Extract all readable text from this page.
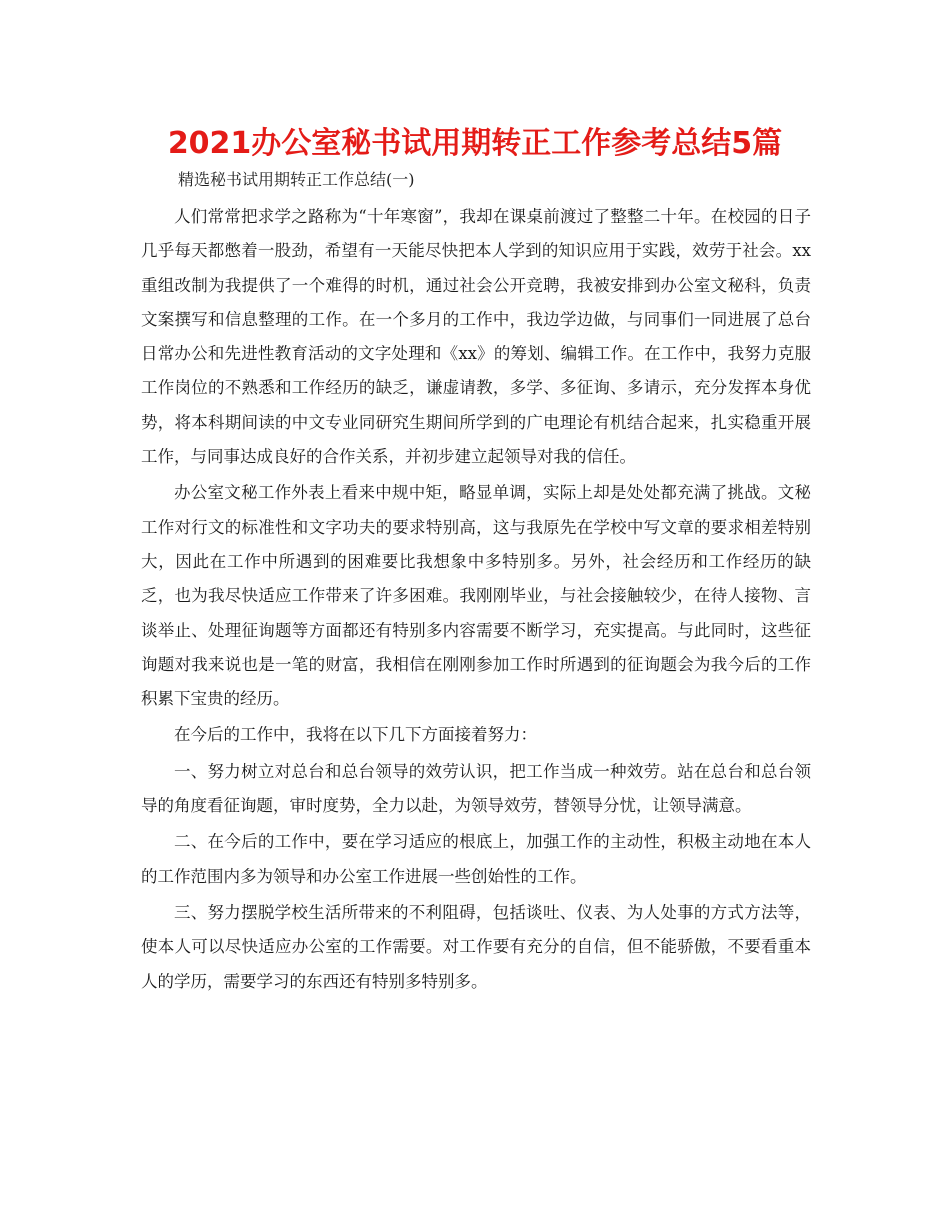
2021办公室秘书试用期转正工作参考总结5篇
精选秘书试用期转正工作总结(一)

人们常常把求学之路称为“十年寒窗”，我却在课桌前渡过了整整二十年。在校园的日子几乎每天都憋着一股劲，希望有一天能尽快把本人学到的知识应用于实践，效劳于社会。xx重组改制为我提供了一个难得的时机，通过社会公开竞聘，我被安排到办公室文秘科，负责文案撰写和信息整理的工作。在一个多月的工作中，我边学边做，与同事们一同进展了总台日常办公和先进性教育活动的文字处理和《xx》的筹划、编辑工作。在工作中，我努力克服工作岗位的不熟悉和工作经历的缺乏，谦虚请教，多学、多征询、多请示，充分发挥本身优势，将本科期间读的中文专业同研究生期间所学到的广电理论有机结合起来，扎实稳重开展工作，与同事达成良好的合作关系，并初步建立起领导对我的信任。

办公室文秘工作外表上看来中规中矩，略显单调，实际上却是处处都充满了挑战。文秘工作对行文的标准性和文字功夫的要求特别高，这与我原先在学校中写文章的要求相差特别大，因此在工作中所遇到的困难要比我想象中多特别多。另外，社会经历和工作经历的缺乏，也为我尽快适应工作带来了许多困难。我刚刚毕业，与社会接触较少，在待人接物、言谈举止、处理征询题等方面都还有特别多内容需要不断学习，充实提高。与此同时，这些征询题对我来说也是一笔的财富，我相信在刚刚参加工作时所遇到的征询题会为我今后的工作积累下宝贵的经历。

在今后的工作中，我将在以下几下方面接着努力：

一、努力树立对总台和总台领导的效劳认识，把工作当成一种效劳。站在总台和总台领导的角度看征询题，审时度势，全力以赴，为领导效劳，替领导分忧，让领导满意。

二、在今后的工作中，要在学习适应的根底上，加强工作的主动性，积极主动地在本人的工作范围内多为领导和办公室工作进展一些创始性的工作。

三、努力摆脱学校生活所带来的不利阻碍，包括谈吐、仪表、为人处事的方式方法等，使本人可以尽快适应办公室的工作需要。对工作要有充分的自信，但不能骄傲，不要看重本人的学历，需要学习的东西还有特别多特别多。
